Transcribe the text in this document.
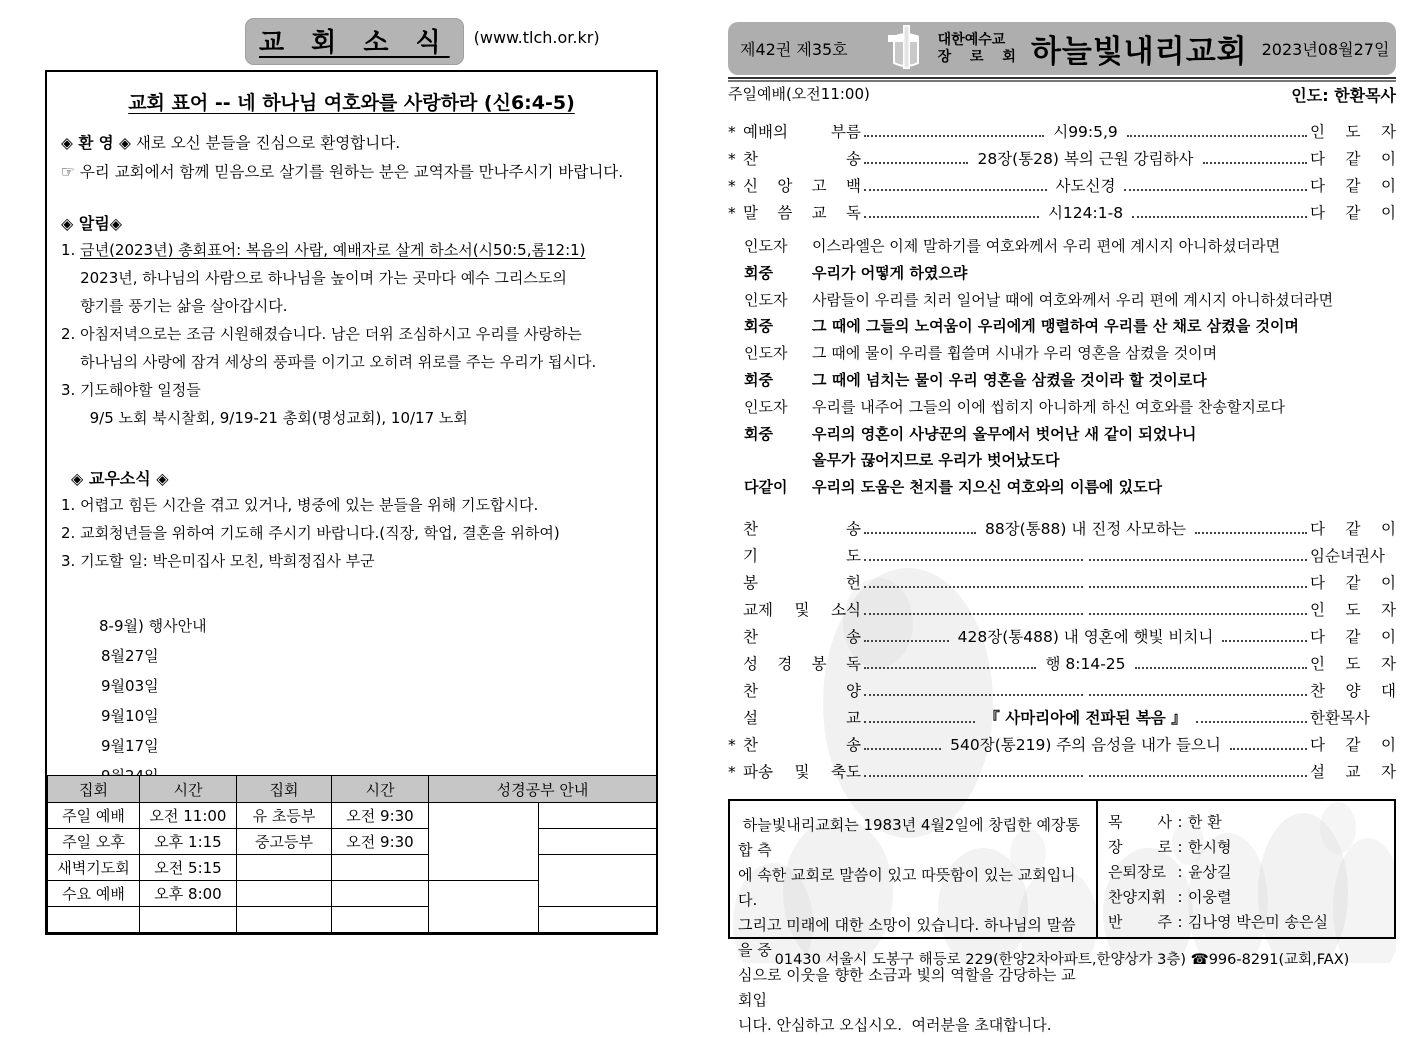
교 회 소 식	(www.tlch.or.kr)
교회 표어 -- 네 하나님 여호와를 사랑하라 (신6:4-5)
◈ 환 영 ◈ 새로 오신 분들을 진심으로 환영합니다.
☞ 우리 교회에서 함께 믿음으로 살기를 원하는 분은 교역자를 만나주시기 바랍니다.
◈ 알림◈
1. 금년(2023년) 총회표어: 복음의 사람, 예배자로 살게 하소서(시50:5,롬12:1)
2023년, 하나님의 사람으로 하나님을 높이며 가는 곳마다 예수 그리스도의
향기를 풍기는 삶을 살아갑시다.
2. 아침저녁으로는 조금 시원해졌습니다. 남은 더위 조심하시고 우리를 사랑하는
하나님의 사랑에 잠겨 세상의 풍파를 이기고 오히려 위로를 주는 우리가 됩시다.
3. 기도해야할 일정들
9/5 노회 북시찰회, 9/19-21 총회(명성교회), 10/17 노회
◈ 교우소식 ◈
1. 어렵고 힘든 시간을 겪고 있거나, 병중에 있는 분들을 위해 기도합시다.
2. 교회청년들을 위하여 기도해 주시기 바랍니다.(직장, 학업, 결혼을 위하여)
3. 기도할 일: 박은미집사 모친, 박희정집사 부군
8-9월) 행사안내
8월27일
9월03일
9월10일
9월17일
집회	시간	집회	시간	성경공부 안내	
주일 예배	오전 11:00	유 초등부	오전 9:30		
주일 오후	오후 1:15	중고등부	오전 9:30		
새벽기도회	오전 5:15				
수요 예배	오후 8:00				

제42권 제35호
대한예수교
장 로 회 하늘빛내리교회 2023년08월27일
주일예배(오전11:00)	인도: 한환목사
* 예배의 부름	시99:5,9	인 도 자
* 찬 송	28장(통28) 복의 근원 강림하사	다 같 이
* 신 앙 고 백	사도신경	다 같 이
* 말 씀 교 독	시124:1-8	다 같 이
인도자	이스라엘은 이제 말하기를 여호와께서 우리 편에 계시지 아니하셨더라면
회중	우리가 어떻게 하였으랴
인도자	사람들이 우리를 치러 일어날 때에 여호와께서 우리 편에 계시지 아니하셨더라면
회중	그 때에 그들의 노여움이 우리에게 맹렬하여 우리를 산 채로 삼켰을 것이며
인도자	그 때에 물이 우리를 휩쓸며 시내가 우리 영혼을 삼켰을 것이며
회중	그 때에 넘치는 물이 우리 영혼을 삼켰을 것이라 할 것이로다
인도자	우리를 내주어 그들의 이에 씹히지 아니하게 하신 여호와를 찬송할지로다
회중	우리의 영혼이 사냥꾼의 올무에서 벗어난 새 같이 되었나니
올무가 끊어지므로 우리가 벗어났도다
다같이	우리의 도움은 천지를 지으신 여호와의 이름에 있도다
찬 송	88장(통88) 내 진정 사모하는	다 같 이
기 도	임순녀권사
봉 헌	다 같 이
교제 및 소식	인 도 자
찬 송	428장(통488) 내 영혼에 햇빛 비치니	다 같 이
성 경 봉 독	행 8:14-25	인 도 자
찬 양	찬 양 대
설 교	『 사마리아에 전파된 복음 』	한환목사
* 찬 송	540장(통219) 주의 음성을 내가 들으니	다 같 이
* 파송 및 축도	설 교 자
하늘빛내리교회는 1983년 4월2일에 창립한 예장통합 측
에 속한 교회로 말씀이 있고 따뜻함이 있는 교회입니다.
그리고 미래에 대한 소망이 있습니다. 하나님의 말씀을 중
심으로 이웃을 향한 소금과 빛의 역할을 감당하는 교회입
니다. 안심하고 오십시오.  여러분을 초대합니다.
목 사 : 한 환
장 로 : 한시형
은퇴장로 : 윤상길
찬양지휘 : 이웅렬
반 주 : 김나영 박은미 송은실
01430 서울시 도봉구 해등로 229(한양2차아파트,한양상가 3층) ☎996-8291(교회,FAX)
